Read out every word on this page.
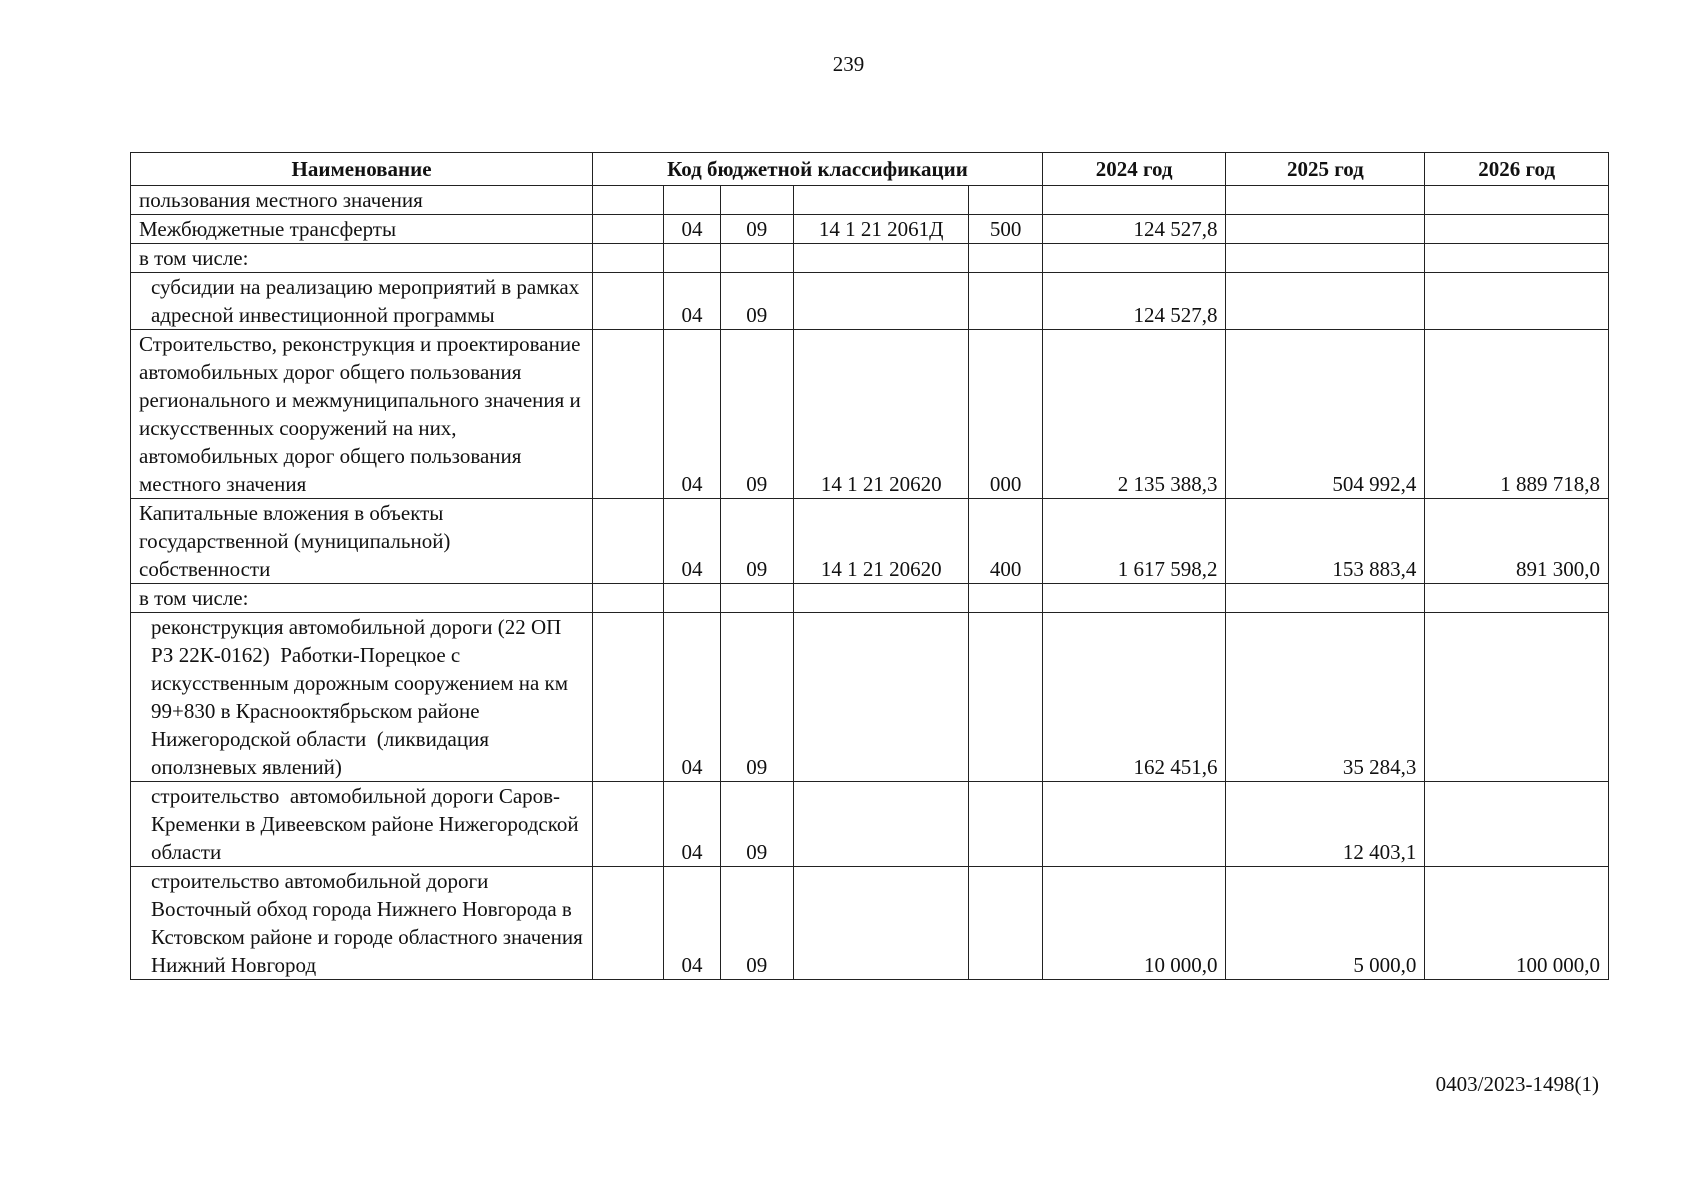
239
Наименование	Код бюджетной классификации					2024 год	2025 год	2026 год
пользования местного значения								
Межбюджетные трансферты		04	09	14 1 21 2061Д	500	124 527,8		
в том числе:								
субсидии на реализацию мероприятий в рамках адресной инвестиционной программы		04	09			124 527,8		
Строительство, реконструкция и проектирование автомобильных дорог общего пользования регионального и межмуниципального значения и искусственных сооружений на них, автомобильных дорог общего пользования местного значения		04	09	14 1 21 20620	000	2 135 388,3	504 992,4	1 889 718,8
Капитальные вложения в объекты государственной (муниципальной) собственности		04	09	14 1 21 20620	400	1 617 598,2	153 883,4	891 300,0
в том числе:								
реконструкция автомобильной дороги (22 ОП РЗ 22К-0162)  Работки-Порецкое с искусственным дорожным сооружением на км 99+830 в Краснооктябрьском районе Нижегородской области  (ликвидация оползневых явлений)		04	09			162 451,6	35 284,3	
строительство  автомобильной дороги Саров-Кременки в Дивеевском районе Нижегородской области		04	09				12 403,1	
строительство автомобильной дороги Восточный обход города Нижнего Новгорода в Кстовском районе и городе областного значения Нижний Новгород		04	09			10 000,0	5 000,0	100 000,0
0403/2023-1498(1)
